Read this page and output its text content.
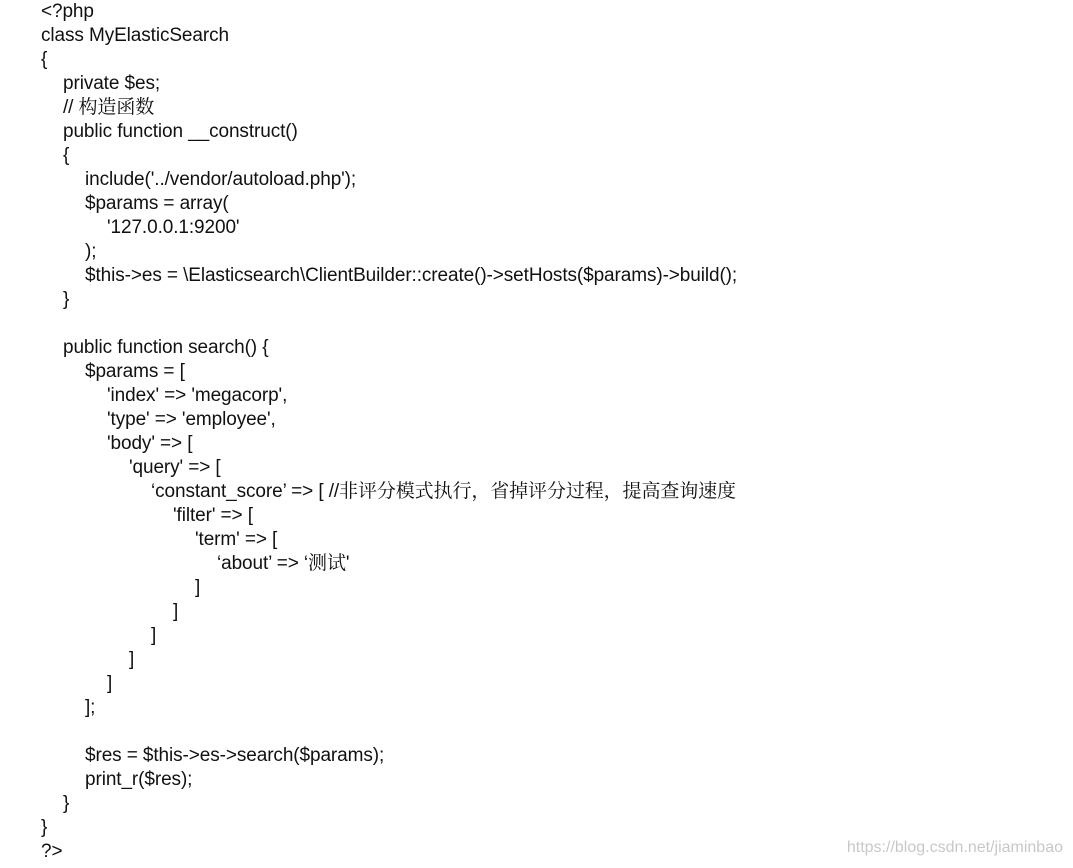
<?php
class MyElasticSearch
{
private $es;
// 构造函数
public function __construct()
{
include('../vendor/autoload.php');
$params = array(
'127.0.0.1:9200'
);
$this->es = \Elasticsearch\ClientBuilder::create()->setHosts($params)->build();
}
public function search() {
$params = [
'index' => 'megacorp',
'type' => 'employee',
'body' => [
'query' => [
‘constant_score’ => [ //非评分模式执行，省掉评分过程，提高查询速度
'filter' => [
'term' => [
‘about’ => ‘测试'
]
]
]
]
]
];
$res = $this->es->search($params);
print_r($res);
}
}
?>	https://blog.csdn.net/jiaminbao
